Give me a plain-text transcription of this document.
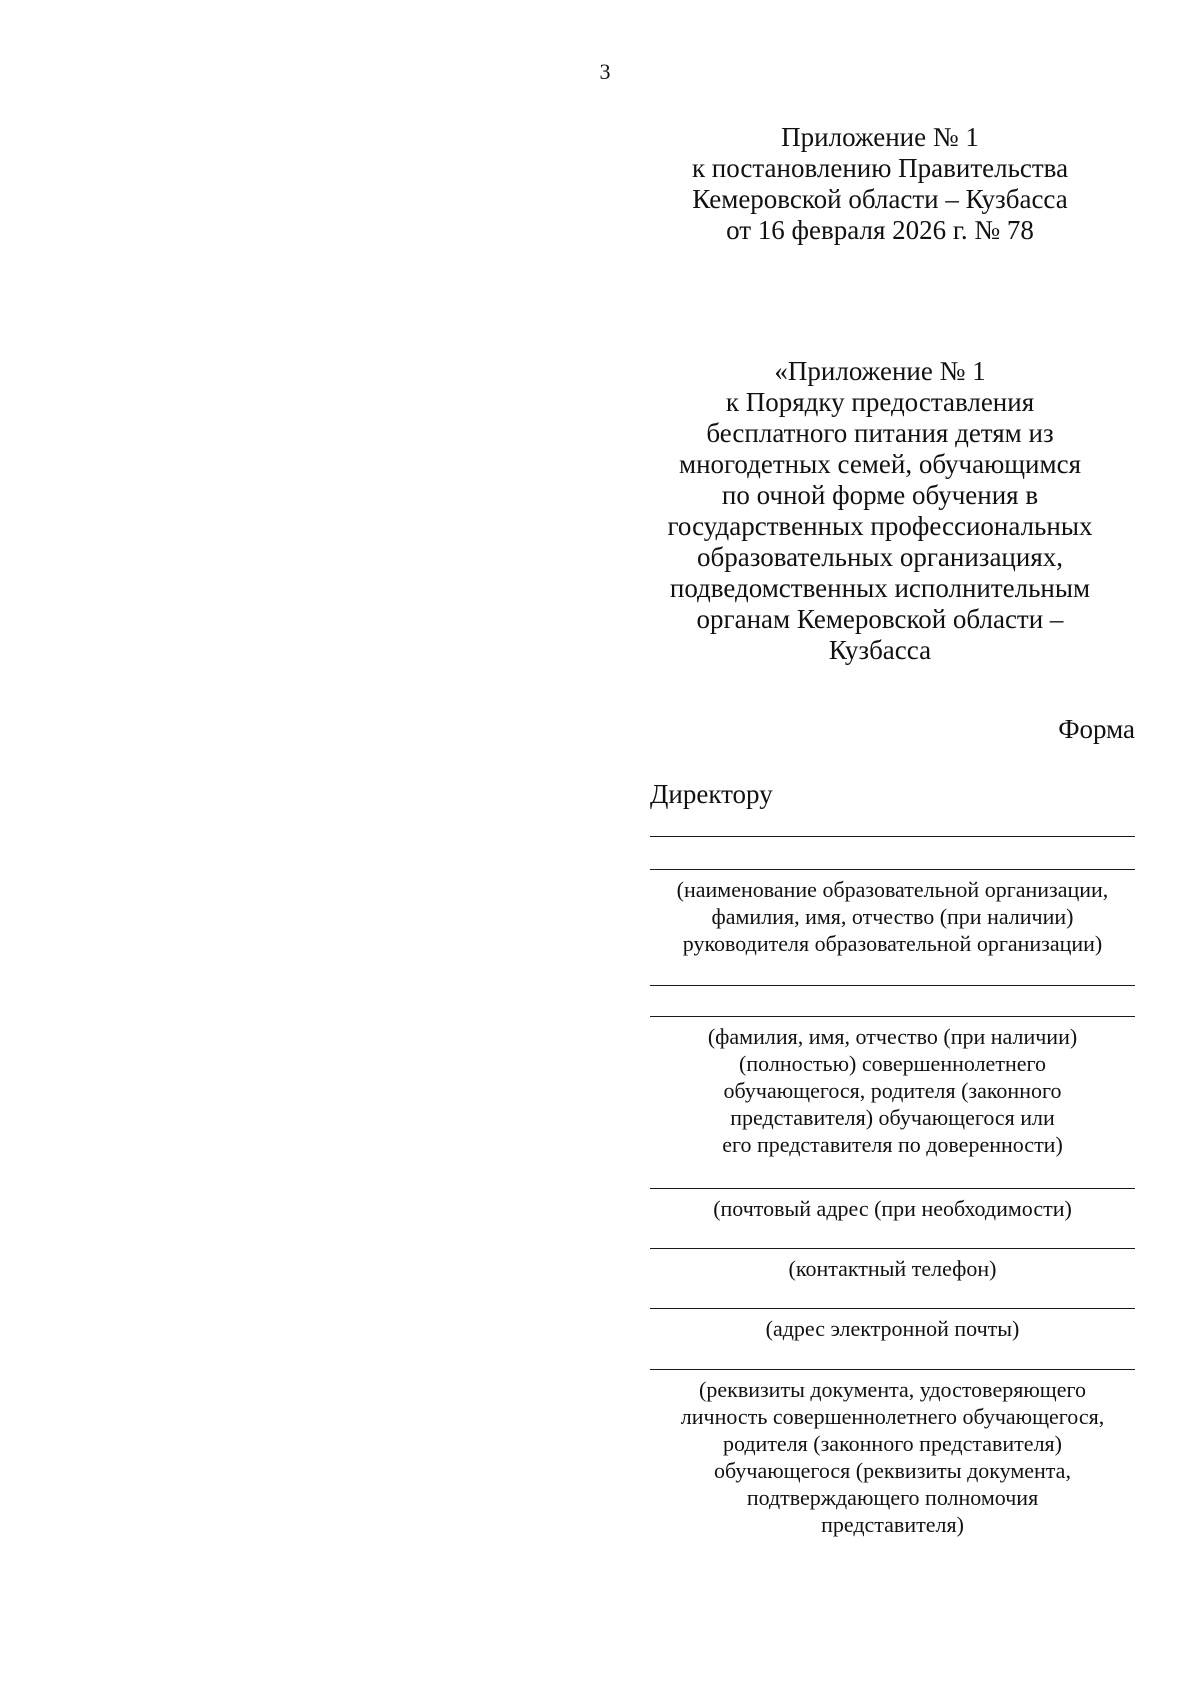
3
Приложение № 1
к постановлению Правительства
Кемеровской области – Кузбасса
от 16 февраля 2026 г. № 78
«Приложение № 1
к Порядку предоставления
бесплатного питания детям из
многодетных семей, обучающимся
по очной форме обучения в
государственных профессиональных
образовательных организациях,
подведомственных исполнительным
органам Кемеровской области –
Кузбасса
Форма
Директору
(наименование образовательной организации,
фамилия, имя, отчество (при наличии)
руководителя образовательной организации)
(фамилия, имя, отчество (при наличии)
(полностью) совершеннолетнего
обучающегося, родителя (законного
представителя) обучающегося или
его представителя по доверенности)
(почтовый адрес (при необходимости)
(контактный телефон)
(адрес электронной почты)
(реквизиты документа, удостоверяющего
личность совершеннолетнего обучающегося,
родителя (законного представителя)
обучающегося (реквизиты документа,
подтверждающего полномочия
представителя)
